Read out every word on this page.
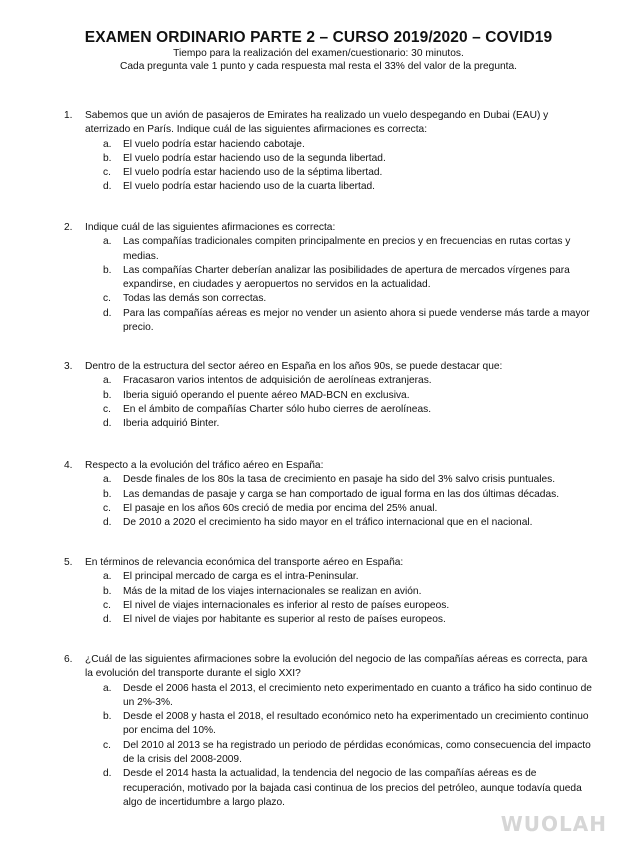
EXAMEN ORDINARIO PARTE 2 – CURSO 2019/2020 – COVID19

Tiempo para la realización del examen/cuestionario: 30 minutos.

Cada pregunta vale 1 punto y cada respuesta mal resta el 33% del valor de la pregunta.

1. Sabemos que un avión de pasajeros de Emirates ha realizado un vuelo despegando en Dubai (EAU) y aterrizado en París. Indique cuál de las siguientes afirmaciones es correcta:
a. El vuelo podría estar haciendo cabotaje.
b. El vuelo podría estar haciendo uso de la segunda libertad.
c. El vuelo podría estar haciendo uso de la séptima libertad.
d. El vuelo podría estar haciendo uso de la cuarta libertad.
2. Indique cuál de las siguientes afirmaciones es correcta:
a. Las compañías tradicionales compiten principalmente en precios y en frecuencias en rutas cortas y medias.
b. Las compañías Charter deberían analizar las posibilidades de apertura de mercados vírgenes para expandirse, en ciudades y aeropuertos no servidos en la actualidad.
c. Todas las demás son correctas.
d. Para las compañías aéreas es mejor no vender un asiento ahora si puede venderse más tarde a mayor precio.
3. Dentro de la estructura del sector aéreo en España en los años 90s, se puede destacar que:
a. Fracasaron varios intentos de adquisición de aerolíneas extranjeras.
b. Iberia siguió operando el puente aéreo MAD-BCN en exclusiva.
c. En el ámbito de compañías Charter sólo hubo cierres de aerolíneas.
d. Iberia adquirió Binter.
4. Respecto a la evolución del tráfico aéreo en España:
a. Desde finales de los 80s la tasa de crecimiento en pasaje ha sido del 3% salvo crisis puntuales.
b. Las demandas de pasaje y carga se han comportado de igual forma en las dos últimas décadas.
c. El pasaje en los años 60s creció de media por encima del 25% anual.
d. De 2010 a 2020 el crecimiento ha sido mayor en el tráfico internacional que en el nacional.
5. En términos de relevancia económica del transporte aéreo en España:
a. El principal mercado de carga es el intra-Peninsular.
b. Más de la mitad de los viajes internacionales se realizan en avión.
c. El nivel de viajes internacionales es inferior al resto de países europeos.
d. El nivel de viajes por habitante es superior al resto de países europeos.
6. ¿Cuál de las siguientes afirmaciones sobre la evolución del negocio de las compañías aéreas es correcta, para la evolución del transporte durante el siglo XXI?
a. Desde el 2006 hasta el 2013, el crecimiento neto experimentado en cuanto a tráfico ha sido continuo de un 2%-3%.
b. Desde el 2008 y hasta el 2018, el resultado económico neto ha experimentado un crecimiento continuo por encima del 10%.
c. Del 2010 al 2013 se ha registrado un periodo de pérdidas económicas, como consecuencia del impacto de la crisis del 2008-2009.
d. Desde el 2014 hasta la actualidad, la tendencia del negocio de las compañías aéreas es de recuperación, motivado por la bajada casi continua de los precios del petróleo, aunque todavía queda algo de incertidumbre a largo plazo.
WUOLAH
